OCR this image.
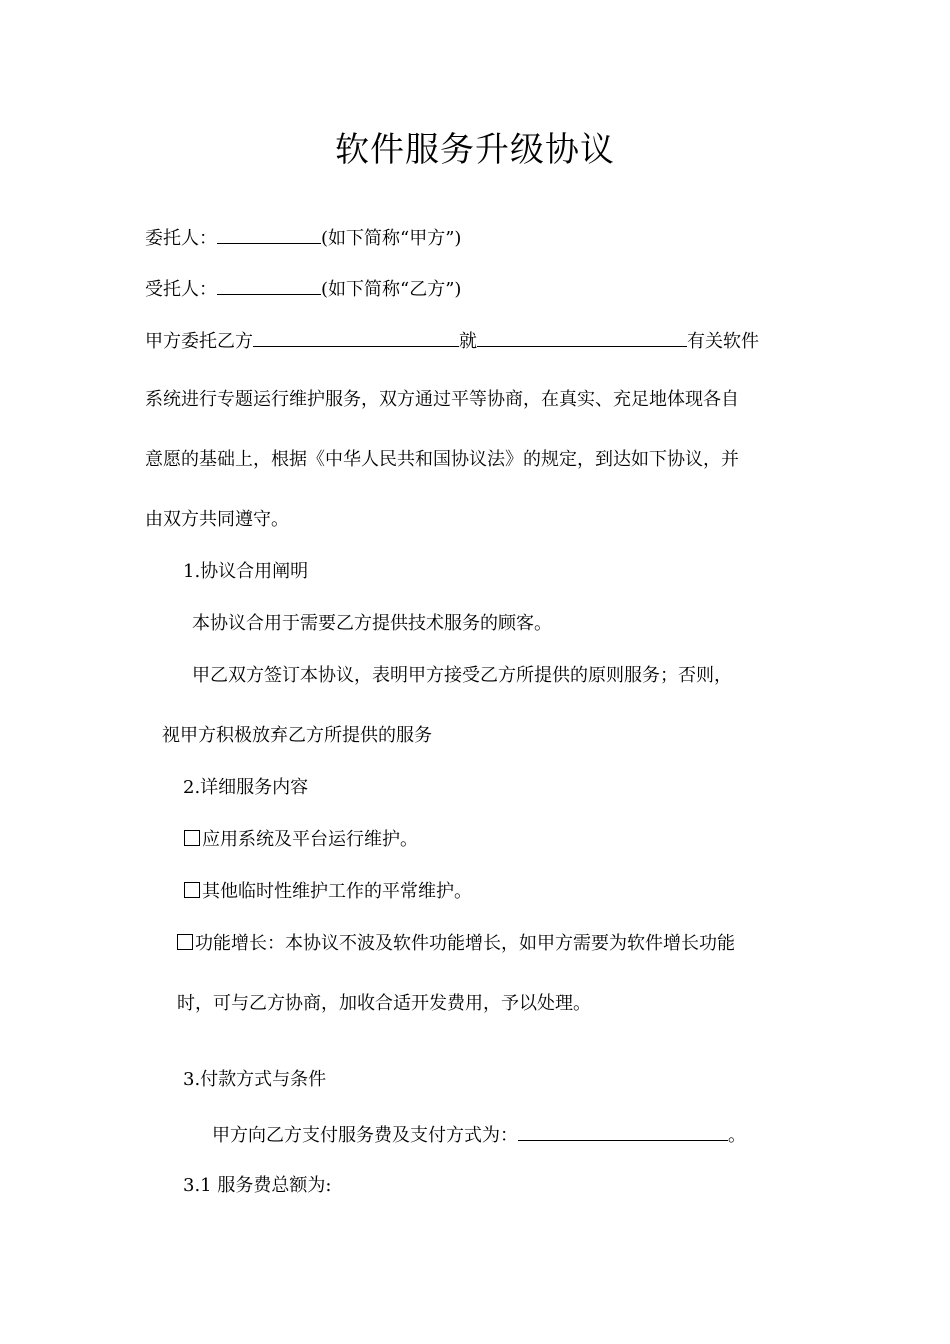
软件服务升级协议
委托人：	(如下简称“甲方”)
受托人：	(如下简称“乙方”)
甲方委托乙方	就	有关软件
系统进行专题运行维护服务，双方通过平等协商，在真实、充足地体现各自
意愿的基础上，根据《中华人民共和国协议法》的规定，到达如下协议，并
由双方共同遵守。
1.协议合用阐明
本协议合用于需要乙方提供技术服务的顾客。
甲乙双方签订本协议，表明甲方接受乙方所提供的原则服务；否则，
视甲方积极放弃乙方所提供的服务
2.详细服务内容
应用系统及平台运行维护。
其他临时性维护工作的平常维护。
功能增长：本协议不波及软件功能增长，如甲方需要为软件增长功能
时，可与乙方协商，加收合适开发费用，予以处理。
3.付款方式与条件
甲方向乙方支付服务费及支付方式为：	。
3.1 服务费总额为:
